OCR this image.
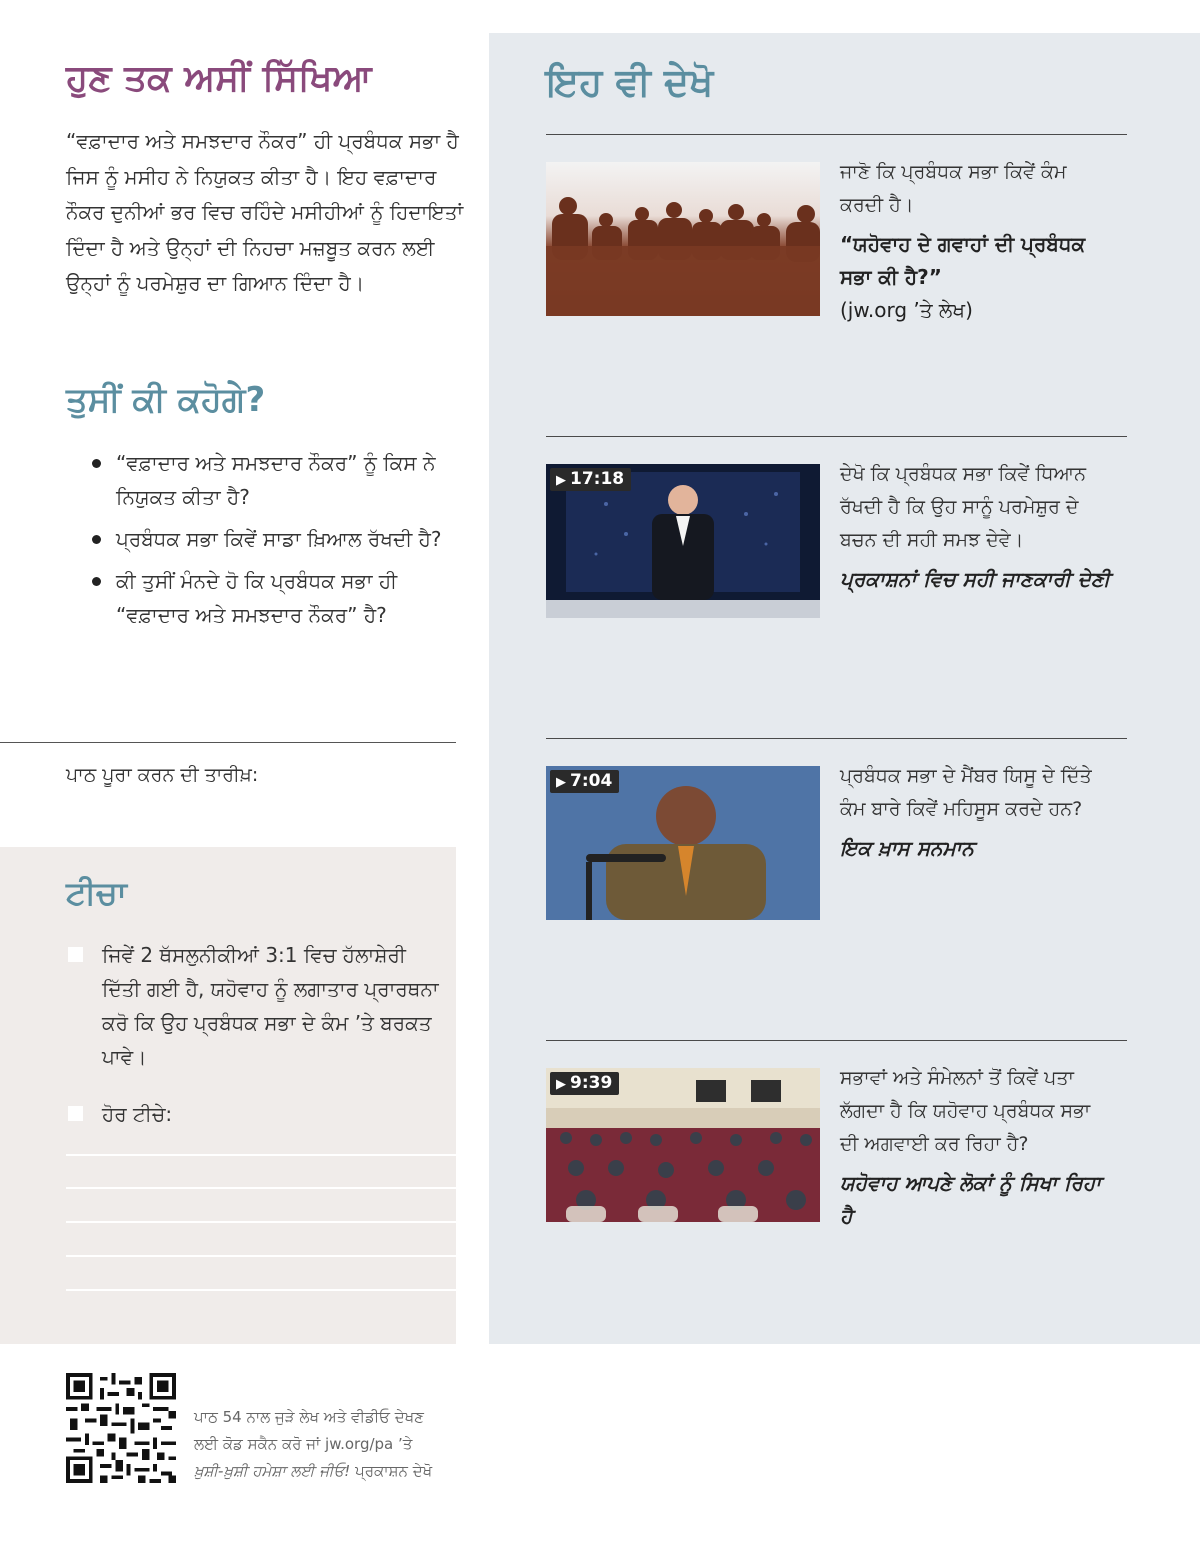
ਹੁਣ ਤਕ ਅਸੀਂ ਸਿੱਖਿਆ

“ਵਫ਼ਾਦਾਰ ਅਤੇ ਸਮਝਦਾਰ ਨੌਕਰ” ਹੀ ਪ੍ਰਬੰਧਕ ਸਭਾ ਹੈ ਜਿਸ ਨੂੰ ਮਸੀਹ ਨੇ ਨਿਯੁਕਤ ਕੀਤਾ ਹੈ। ਇਹ ਵਫ਼ਾਦਾਰ ਨੌਕਰ ਦੁਨੀਆਂ ਭਰ ਵਿਚ ਰਹਿੰਦੇ ਮਸੀਹੀਆਂ ਨੂੰ ਹਿਦਾਇਤਾਂ ਦਿੰਦਾ ਹੈ ਅਤੇ ਉਨ੍ਹਾਂ ਦੀ ਨਿਹਚਾ ਮਜ਼ਬੂਤ ਕਰਨ ਲਈ ਉਨ੍ਹਾਂ ਨੂੰ ਪਰਮੇਸ਼ੁਰ ਦਾ ਗਿਆਨ ਦਿੰਦਾ ਹੈ।

ਤੁਸੀਂ ਕੀ ਕਹੋਗੇ?
“ਵਫ਼ਾਦਾਰ ਅਤੇ ਸਮਝਦਾਰ ਨੌਕਰ” ਨੂੰ ਕਿਸ ਨੇ ਨਿਯੁਕਤ ਕੀਤਾ ਹੈ?
ਪ੍ਰਬੰਧਕ ਸਭਾ ਕਿਵੇਂ ਸਾਡਾ ਖ਼ਿਆਲ ਰੱਖਦੀ ਹੈ?
ਕੀ ਤੁਸੀਂ ਮੰਨਦੇ ਹੋ ਕਿ ਪ੍ਰਬੰਧਕ ਸਭਾ ਹੀ “ਵਫ਼ਾਦਾਰ ਅਤੇ ਸਮਝਦਾਰ ਨੌਕਰ” ਹੈ?
ਪਾਠ ਪੂਰਾ ਕਰਨ ਦੀ ਤਾਰੀਖ਼:
ਟੀਚਾ
ਜਿਵੇਂ 2 ਥੱਸਲੁਨੀਕੀਆਂ 3:1 ਵਿਚ ਹੱਲਾਸ਼ੇਰੀ ਦਿੱਤੀ ਗਈ ਹੈ, ਯਹੋਵਾਹ ਨੂੰ ਲਗਾਤਾਰ ਪ੍ਰਾਰਥਨਾ ਕਰੋ ਕਿ ਉਹ ਪ੍ਰਬੰਧਕ ਸਭਾ ਦੇ ਕੰਮ ’ਤੇ ਬਰਕਤ ਪਾਵੇ।
ਹੋਰ ਟੀਚੇ:
ਇਹ ਵੀ ਦੇਖੋ
ਜਾਣੋ ਕਿ ਪ੍ਰਬੰਧਕ ਸਭਾ ਕਿਵੇਂ ਕੰਮ ਕਰਦੀ ਹੈ।
“ਯਹੋਵਾਹ ਦੇ ਗਵਾਹਾਂ ਦੀ ਪ੍ਰਬੰਧਕ ਸਭਾ ਕੀ ਹੈ?”
(jw.org ’ਤੇ ਲੇਖ)
▶ 17:18	ਦੇਖੋ ਕਿ ਪ੍ਰਬੰਧਕ ਸਭਾ ਕਿਵੇਂ ਧਿਆਨ ਰੱਖਦੀ ਹੈ ਕਿ ਉਹ ਸਾਨੂੰ ਪਰਮੇਸ਼ੁਰ ਦੇ ਬਚਨ ਦੀ ਸਹੀ ਸਮਝ ਦੇਵੇ।
ਪ੍ਰਕਾਸ਼ਨਾਂ ਵਿਚ ਸਹੀ ਜਾਣਕਾਰੀ ਦੇਣੀ
▶ 7:04	ਪ੍ਰਬੰਧਕ ਸਭਾ ਦੇ ਮੈਂਬਰ ਯਿਸੂ ਦੇ ਦਿੱਤੇ ਕੰਮ ਬਾਰੇ ਕਿਵੇਂ ਮਹਿਸੂਸ ਕਰਦੇ ਹਨ?
ਇਕ ਖ਼ਾਸ ਸਨਮਾਨ
▶ 9:39	ਸਭਾਵਾਂ ਅਤੇ ਸੰਮੇਲਨਾਂ ਤੋਂ ਕਿਵੇਂ ਪਤਾ ਲੱਗਦਾ ਹੈ ਕਿ ਯਹੋਵਾਹ ਪ੍ਰਬੰਧਕ ਸਭਾ ਦੀ ਅਗਵਾਈ ਕਰ ਰਿਹਾ ਹੈ?
ਯਹੋਵਾਹ ਆਪਣੇ ਲੋਕਾਂ ਨੂੰ ਸਿਖਾ ਰਿਹਾ ਹੈ
ਪਾਠ 54 ਨਾਲ ਜੁੜੇ ਲੇਖ ਅਤੇ ਵੀਡੀਓ ਦੇਖਣ
ਲਈ ਕੋਡ ਸਕੈਨ ਕਰੋ ਜਾਂ jw.org/pa ’ਤੇ
ਖ਼ੁਸ਼ੀ-ਖ਼ੁਸ਼ੀ ਹਮੇਸ਼ਾ ਲਈ ਜੀਓ! ਪ੍ਰਕਾਸ਼ਨ ਦੇਖੋ
